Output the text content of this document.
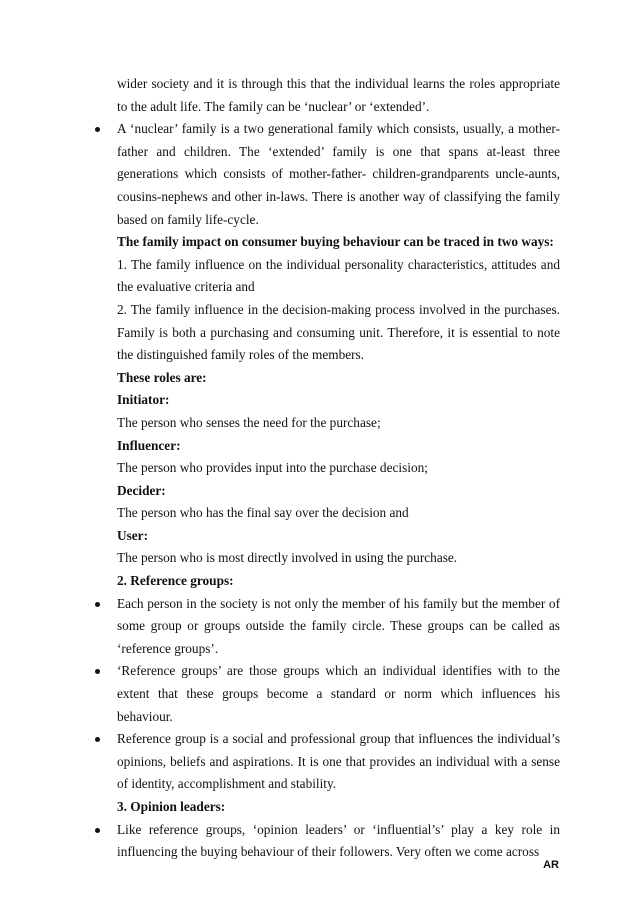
wider society and it is through this that the individual learns the roles appropriate to the adult life. The family can be ‘nuclear’ or ‘extended’.

A ‘nuclear’ family is a two generational family which consists, usually, a mother-father and children. The ‘extended’ family is one that spans at-least three generations which consists of mother-father- children-grandparents uncle-aunts, cousins-nephews and other in-laws. There is another way of classifying the family based on family life-cycle.

The family impact on consumer buying behaviour can be traced in two ways:

1. The family influence on the individual personality characteristics, attitudes and the evaluative criteria and

2. The family influence in the decision-making process involved in the purchases. Family is both a purchasing and consuming unit. Therefore, it is essential to note the distinguished family roles of the members.

These roles are:

Initiator:

The person who senses the need for the purchase;

Influencer:

The person who provides input into the purchase decision;

Decider:

The person who has the final say over the decision and

User:

The person who is most directly involved in using the purchase.

2. Reference groups:

Each person in the society is not only the member of his family but the member of some group or groups outside the family circle. These groups can be called as ‘reference groups’.

‘Reference groups’ are those groups which an individual identifies with to the extent that these groups become a standard or norm which influences his behaviour.

Reference group is a social and professional group that influences the individual’s opinions, beliefs and aspirations. It is one that provides an individual with a sense of identity, accomplishment and stability.

3. Opinion leaders:

Like reference groups, ‘opinion leaders’ or ‘influential’s’ play a key role in influencing the buying behaviour of their followers. Very often we come across

AR
